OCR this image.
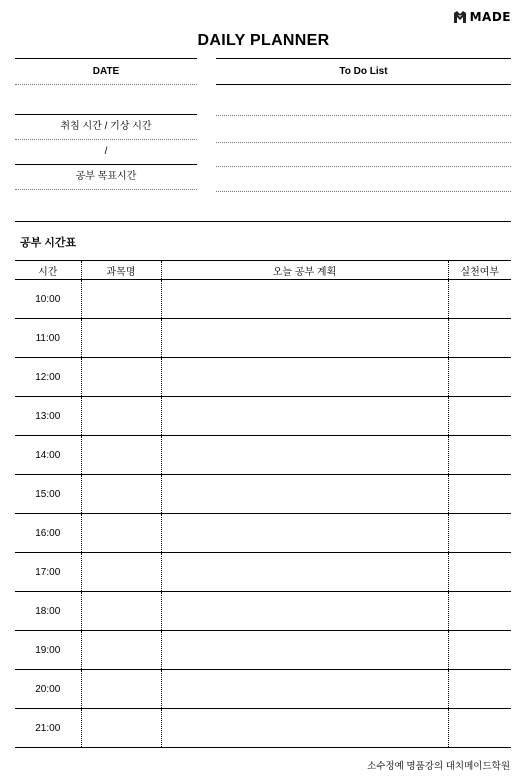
MADE
DAILY PLANNER
DATE
취침 시간 / 기상 시간
/
공부 목표시간
To Do List
공부 시간표
시간	과목명	오늘 공부 계획	실천여부
10:00			
11:00			
12:00			
13:00			
14:00			
15:00			
16:00			
17:00			
18:00			
19:00			
20:00			
21:00			
소수정예 명품강의 대치메이드학원
